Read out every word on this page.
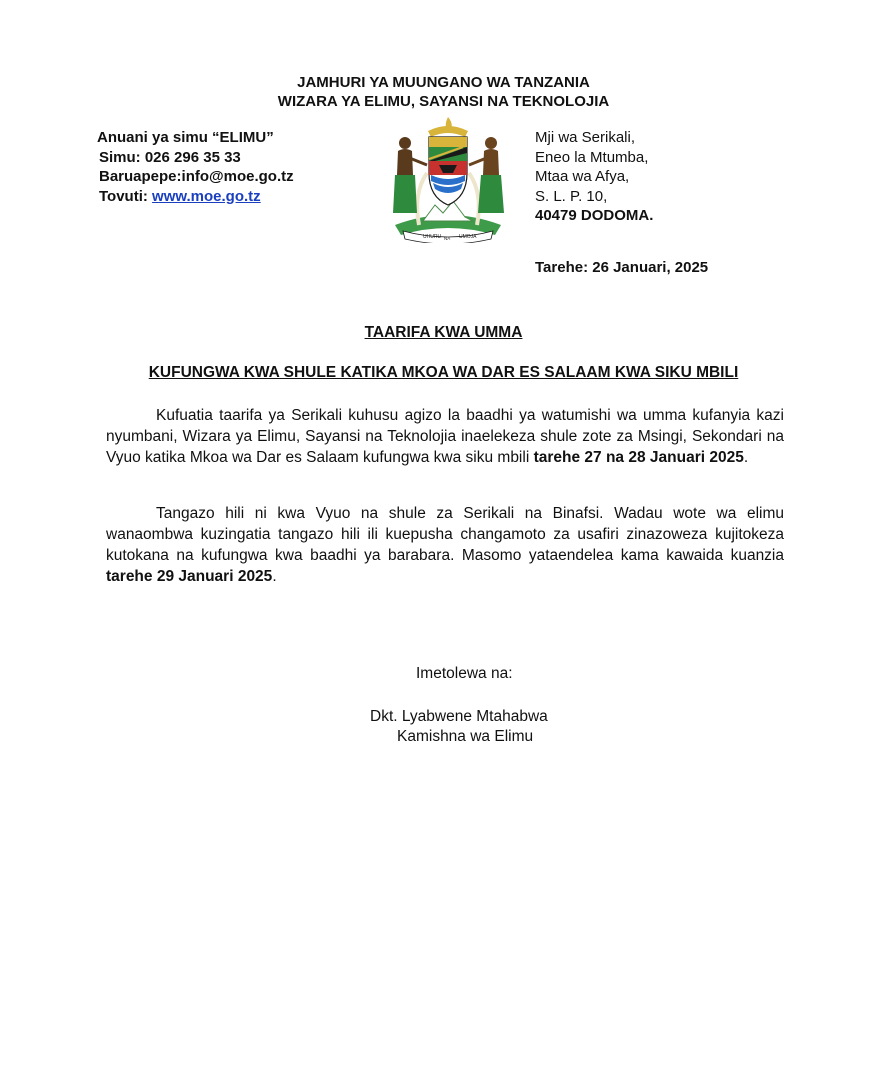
JAMHURI YA MUUNGANO WA TANZANIA
WIZARA YA ELIMU, SAYANSI NA TEKNOLOJIA
Anuani ya simu “ELIMU”
Simu: 026 296 35 33
Baruapepe:info@moe.go.tz
Tovuti: www.moe.go.tz
UHURU NA UMOJA
Mji wa Serikali,
Eneo la Mtumba,
Mtaa wa Afya,
S. L. P. 10,
40479 DODOMA.
Tarehe: 26 Januari, 2025
TAARIFA KWA UMMA
KUFUNGWA KWA SHULE KATIKA MKOA WA DAR ES SALAAM KWA SIKU MBILI
Kufuatia taarifa ya Serikali kuhusu agizo la baadhi ya watumishi wa umma kufanyia kazi nyumbani, Wizara ya Elimu, Sayansi na Teknolojia inaelekeza shule zote za Msingi, Sekondari na Vyuo katika Mkoa wa Dar es Salaam kufungwa kwa siku mbili tarehe 27 na 28 Januari 2025.
Tangazo hili ni kwa Vyuo na shule za Serikali na Binafsi. Wadau wote wa elimu wanaombwa kuzingatia tangazo hili ili kuepusha changamoto za usafiri zinazoweza kujitokeza kutokana na kufungwa kwa baadhi ya barabara. Masomo yataendelea kama kawaida kuanzia tarehe 29 Januari 2025.
Imetolewa na:
Dkt. Lyabwene Mtahabwa
Kamishna wa Elimu
